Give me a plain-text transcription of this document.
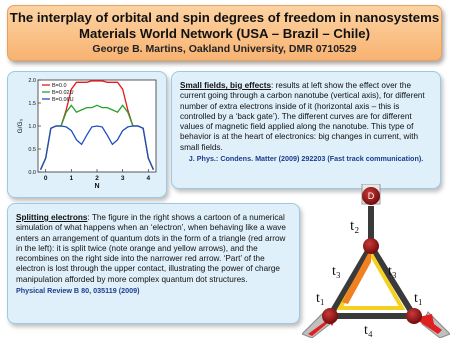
The interplay of orbital and spin degrees of freedom in nanosystems
Materials World Network (USA – Brazil – Chile)
George B. Martins, Oakland University, DMR 0710529
0.0
0.5
1.0
1.5
2.0
0	1	2	3	4
N
G/G₀
B=0.0
B=0.02U
B=0.06U
Small fields, big effects: results at left show the effect over the current going through a carbon nanotube (vertical axis), for different number of extra electrons inside of it (horizontal axis – this is controlled by a ‘back gate’). The different curves are for different values of magnetic field applied along the nanotube. This type of behavior is at the heart of electronics: big changes in current, with small fields.
J. Phys.: Condens. Matter (2009) 292203 (Fast track communication).
Splitting electrons: The figure in the right shows a cartoon of a numerical simulation of what happens when an ‘electron’, when behaving like a wave enters an arrangement of quantum dots in the form of a triangle (red arrow in the left): it is split twice (note orange and yellow arrows), and the recombines on the right side into the narrower red arrow. ‘Part’ of the electron is lost through the upper contact, illustrating the power of charge manipulation afforded by more complex quantum dot structures.
Physical Review B 80, 035119 (2009)
D
t₂
t₃	t₃
t₁	t₁
t₄
